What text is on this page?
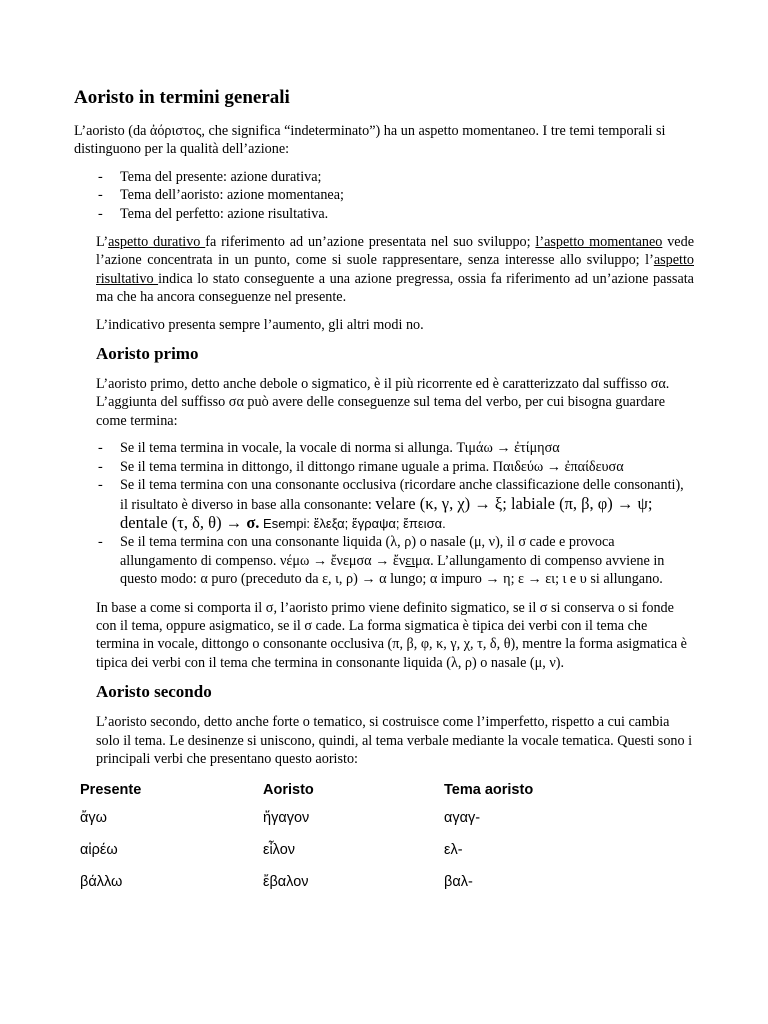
Aoristo in termini generali

L’aoristo (da ἀόριστος, che significa “indeterminato”) ha un aspetto momentaneo. I tre temi temporali si distinguono per la qualità dell’azione:

- Tema del presente: azione durativa;
- Tema dell’aoristo: azione momentanea;
- Tema del perfetto: azione risultativa.

L’aspetto durativo fa riferimento ad un’azione presentata nel suo sviluppo; l’aspetto momentaneo vede l’azione concentrata in un punto, come si suole rappresentare, senza interesse allo sviluppo; l’aspetto risultativo indica lo stato conseguente a una azione pregressa, ossia fa riferimento ad un’azione passata ma che ha ancora conseguenze nel presente.

L’indicativo presenta sempre l’aumento, gli altri modi no.

Aoristo primo

L’aoristo primo, detto anche debole o sigmatico, è il più ricorrente ed è caratterizzato dal suffisso σα. L’aggiunta del suffisso σα può avere delle conseguenze sul tema del verbo, per cui bisogna guardare come termina:

- Se il tema termina in vocale, la vocale di norma si allunga. Τιμάω → ἐτίμησα
- Se il tema termina in dittongo, il dittongo rimane uguale a prima. Παιδεύω → ἐπαίδευσα
- Se il tema termina con una consonante occlusiva (ricordare anche classificazione delle consonanti), il risultato è diverso in base alla consonante: velare (κ, γ, χ) → ξ; labiale (π, β, φ) → ψ; dentale (τ, δ, θ) → σ. Esempi: ἔλεξα; ἔγραψα; ἔπεισα.
- Se il tema termina con una consonante liquida (λ, ρ) o nasale (μ, ν), il σ cade e provoca allungamento di compenso. νέμω → ἔνεμσα → ἔνειμα. L’allungamento di compenso avviene in questo modo: α puro (preceduto da ε, ι, ρ) → α lungo; α impuro → η; ε → ει; ι e υ si allungano.

In base a come si comporta il σ, l’aoristo primo viene definito sigmatico, se il σ si conserva o si fonde con il tema, oppure asigmatico, se il σ cade. La forma sigmatica è tipica dei verbi con il tema che termina in vocale, dittongo o consonante occlusiva (π, β, φ, κ, γ, χ, τ, δ, θ), mentre la forma asigmatica è tipica dei verbi con il tema che termina in consonante liquida (λ, ρ) o nasale (μ, ν).

Aoristo secondo

L’aoristo secondo, detto anche forte o tematico, si costruisce come l’imperfetto, rispetto a cui cambia solo il tema. Le desinenze si uniscono, quindi, al tema verbale mediante la vocale tematica. Questi sono i principali verbi che presentano questo aoristo:

Presente	Aoristo	Tema aoristo
ἄγω	ἤγαγον	αγαγ-
αἱρέω	εἷλον	ελ-
βάλλω	ἔβαλον	βαλ-
